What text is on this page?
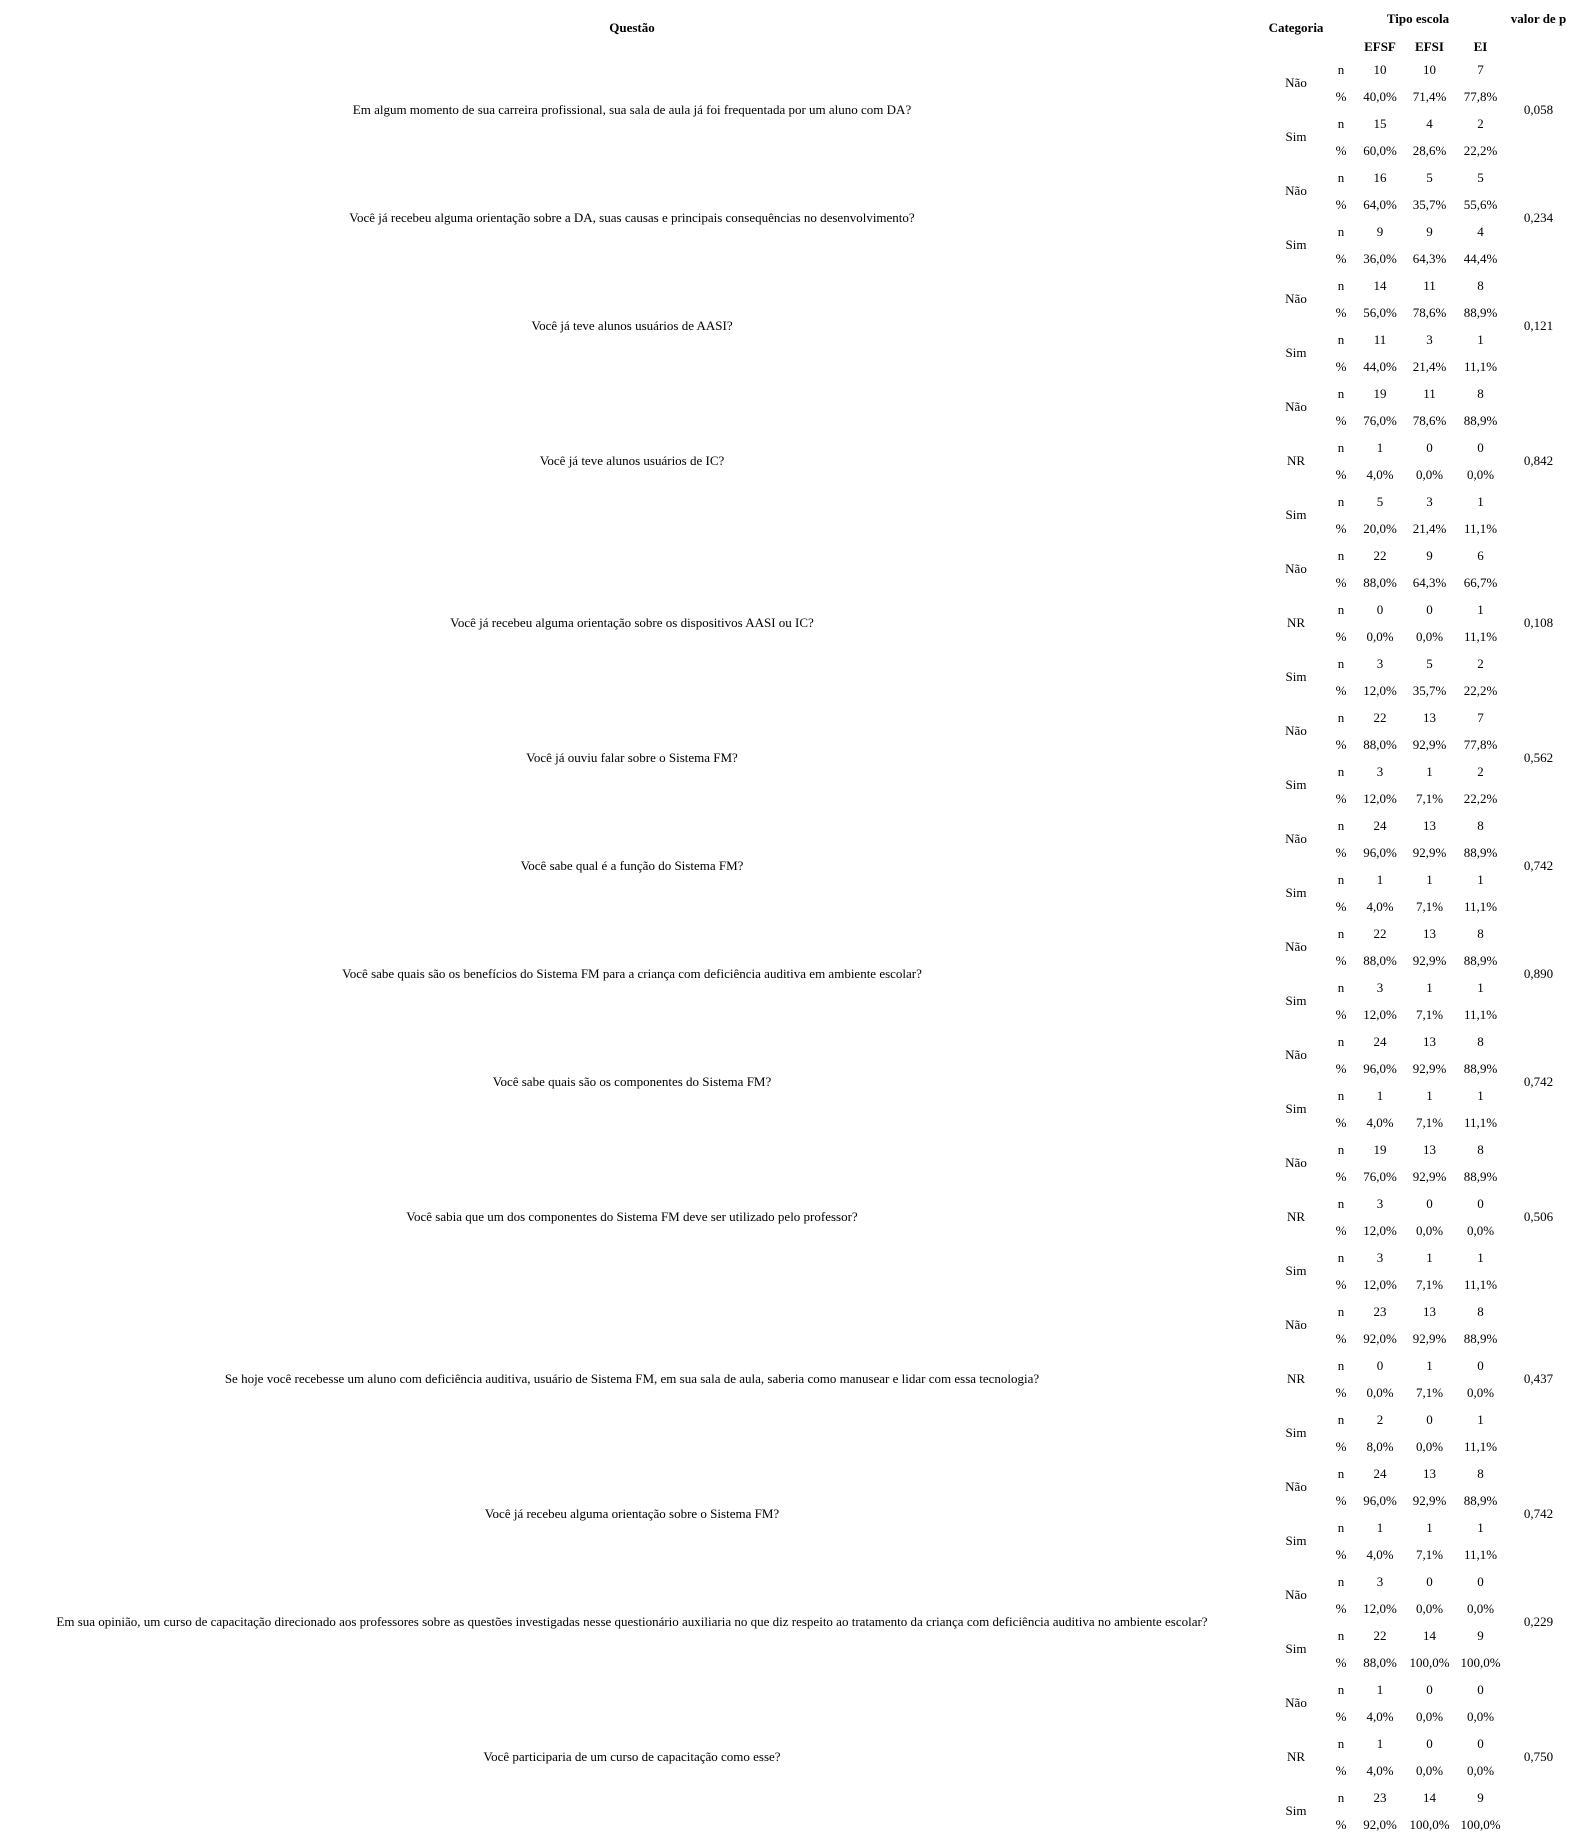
Questão	Categoria	Tipo escola				valor de p
			EFSF	EFSI	EI	
Em algum momento de sua carreira profissional, sua sala de aula já foi frequentada por um aluno com DA?	Não	n	10	10	7	0,058
		%	40,0%	71,4%	77,8%	
	Sim	n	15	4	2	
		%	60,0%	28,6%	22,2%	
Você já recebeu alguma orientação sobre a DA, suas causas e principais consequências no desenvolvimento?	Não	n	16	5	5	0,234
		%	64,0%	35,7%	55,6%	
	Sim	n	9	9	4	
		%	36,0%	64,3%	44,4%	
Você já teve alunos usuários de AASI?	Não	n	14	11	8	0,121
		%	56,0%	78,6%	88,9%	
	Sim	n	11	3	1	
		%	44,0%	21,4%	11,1%	
Você já teve alunos usuários de IC?	Não	n	19	11	8	0,842
		%	76,0%	78,6%	88,9%	
	NR	n	1	0	0	
		%	4,0%	0,0%	0,0%	
	Sim	n	5	3	1	
		%	20,0%	21,4%	11,1%	
Você já recebeu alguma orientação sobre os dispositivos AASI ou IC?	Não	n	22	9	6	0,108
		%	88,0%	64,3%	66,7%	
	NR	n	0	0	1	
		%	0,0%	0,0%	11,1%	
	Sim	n	3	5	2	
		%	12,0%	35,7%	22,2%	
Você já ouviu falar sobre o Sistema FM?	Não	n	22	13	7	0,562
		%	88,0%	92,9%	77,8%	
	Sim	n	3	1	2	
		%	12,0%	7,1%	22,2%	
Você sabe qual é a função do Sistema FM?	Não	n	24	13	8	0,742
		%	96,0%	92,9%	88,9%	
	Sim	n	1	1	1	
		%	4,0%	7,1%	11,1%	
Você sabe quais são os benefícios do Sistema FM para a criança com deficiência auditiva em ambiente escolar?	Não	n	22	13	8	0,890
		%	88,0%	92,9%	88,9%	
	Sim	n	3	1	1	
		%	12,0%	7,1%	11,1%	
Você sabe quais são os componentes do Sistema FM?	Não	n	24	13	8	0,742
		%	96,0%	92,9%	88,9%	
	Sim	n	1	1	1	
		%	4,0%	7,1%	11,1%	
Você sabia que um dos componentes do Sistema FM deve ser utilizado pelo professor?	Não	n	19	13	8	0,506
		%	76,0%	92,9%	88,9%	
	NR	n	3	0	0	
		%	12,0%	0,0%	0,0%	
	Sim	n	3	1	1	
		%	12,0%	7,1%	11,1%	
Se hoje você recebesse um aluno com deficiência auditiva, usuário de Sistema FM, em sua sala de aula, saberia como manusear e lidar com essa tecnologia?	Não	n	23	13	8	0,437
		%	92,0%	92,9%	88,9%	
	NR	n	0	1	0	
		%	0,0%	7,1%	0,0%	
	Sim	n	2	0	1	
		%	8,0%	0,0%	11,1%	
Você já recebeu alguma orientação sobre o Sistema FM?	Não	n	24	13	8	0,742
		%	96,0%	92,9%	88,9%	
	Sim	n	1	1	1	
		%	4,0%	7,1%	11,1%	
Em sua opinião, um curso de capacitação direcionado aos professores sobre as questões investigadas nesse questionário auxiliaria no que diz respeito ao tratamento da criança com deficiência auditiva no ambiente escolar?	Não	n	3	0	0	0,229
		%	12,0%	0,0%	0,0%	
	Sim	n	22	14	9	
		%	88,0%	100,0%	100,0%	
Você participaria de um curso de capacitação como esse?	Não	n	1	0	0	0,750
		%	4,0%	0,0%	0,0%	
	NR	n	1	0	0	
		%	4,0%	0,0%	0,0%	
	Sim	n	23	14	9	
		%	92,0%	100,0%	100,0%	
